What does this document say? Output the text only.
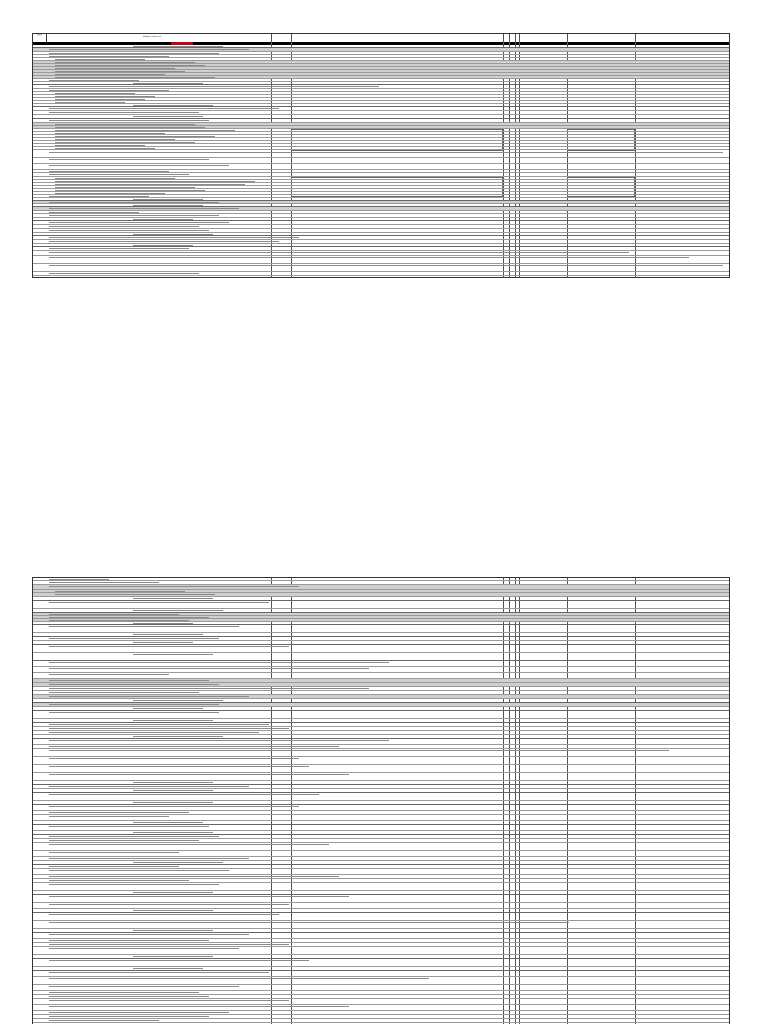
[logo]
[illegible header text]
